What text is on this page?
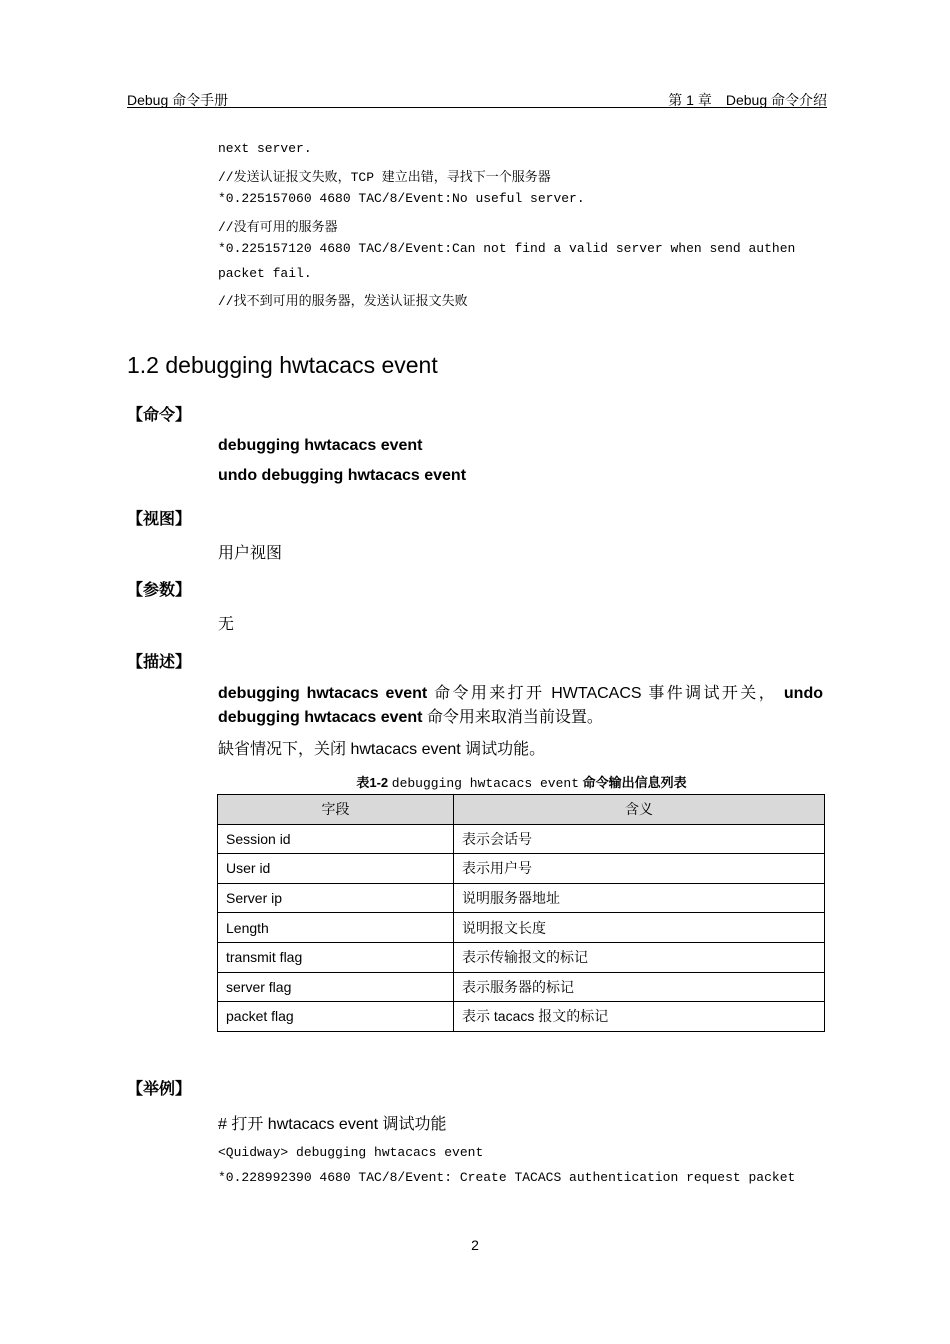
Debug 命令手册	第 1 章　Debug 命令介绍
next server.
//发送认证报文失败，TCP 建立出错，寻找下一个服务器
*0.225157060 4680 TAC/8/Event:No useful server.
//没有可用的服务器
*0.225157120 4680 TAC/8/Event:Can not find a valid server when send authen
packet fail.
//找不到可用的服务器，发送认证报文失败
1.2 debugging hwtacacs event
【命令】
debugging hwtacacs event
undo debugging hwtacacs event
【视图】
用户视图
【参数】
无
【描述】
debugging hwtacacs event 命令用来打开 HWTACACS 事件调试开关， undo debugging hwtacacs event 命令用来取消当前设置。
缺省情况下，关闭 hwtacacs event 调试功能。
表1-2 debugging hwtacacs event 命令输出信息列表
字段	含义
Session id	表示会话号
User id	表示用户号
Server ip	说明服务器地址
Length	说明报文长度
transmit flag	表示传输报文的标记
server flag	表示服务器的标记
packet flag	表示 tacacs 报文的标记
【举例】
# 打开 hwtacacs event 调试功能
<Quidway> debugging hwtacacs event
*0.228992390 4680 TAC/8/Event: Create TACACS authentication request packet
2
